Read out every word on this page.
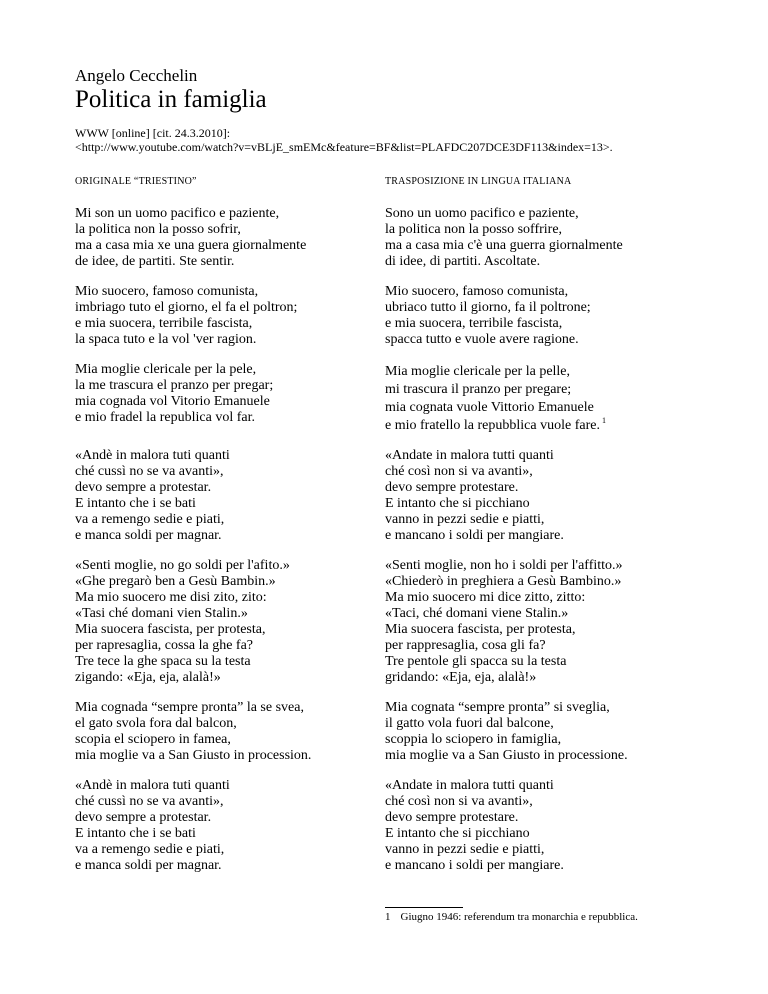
Angelo Cecchelin

Politica in famiglia

WWW [online] [cit. 24.3.2010]:

<http://www.youtube.com/watch?v=vBLjE_smEMc&feature=BF&list=PLAFDC207DCE3DF113&index=13>.

ORIGINALE “TRIESTINO”	TRASPOSIZIONE IN LINGUA ITALIANA
Mi son un uomo pacifico e paziente,
la politica non la posso sofrir,
ma a casa mia xe una guera giornalmente
de idee, de partiti. Ste sentir.
Sono un uomo pacifico e paziente,
la politica non la posso soffrire,
ma a casa mia c'è una guerra giornalmente
di idee, di partiti. Ascoltate.
Mio suocero, famoso comunista,
imbriago tuto el giorno, el fa el poltron;
e mia suocera, terribile fascista,
la spaca tuto e la vol 'ver ragion.
Mio suocero, famoso comunista,
ubriaco tutto il giorno, fa il poltrone;
e mia suocera, terribile fascista,
spacca tutto e vuole avere ragione.
Mia moglie clericale per la pele,
la me trascura el pranzo per pregar;
mia cognada vol Vitorio Emanuele
e mio fradel la republica vol far.
Mia moglie clericale per la pelle,
mi trascura il pranzo per pregare;
mia cognata vuole Vittorio Emanuele
e mio fratello la repubblica vuole fare. $^1$
«Andè in malora tuti quanti
ché cussì no se va avanti»,
devo sempre a protestar.
E intanto che i se bati
va a remengo sedie e piati,
e manca soldi per magnar.
«Andate in malora tutti quanti
ché così non si va avanti»,
devo sempre protestare.
E intanto che si picchiano
vanno in pezzi sedie e piatti,
e mancano i soldi per mangiare.
«Senti moglie, no go soldi per l'afito.»
«Ghe pregarò ben a Gesù Bambin.»
Ma mio suocero me disi zito, zito:
«Tasi ché domani vien Stalin.»
Mia suocera fascista, per protesta,
per rapresaglia, cossa la ghe fa?
Tre tece la ghe spaca su la testa
zigando: «Eja, eja, alalà!»
«Senti moglie, non ho i soldi per l'affitto.»
«Chiederò in preghiera a Gesù Bambino.»
Ma mio suocero mi dice zitto, zitto:
«Taci, ché domani viene Stalin.»
Mia suocera fascista, per protesta,
per rappresaglia, cosa gli fa?
Tre pentole gli spacca su la testa
gridando: «Eja, eja, alalà!»
Mia cognada “sempre pronta” la se svea,
el gato svola fora dal balcon,
scopia el sciopero in famea,
mia moglie va a San Giusto in procession.
Mia cognata “sempre pronta” si sveglia,
il gatto vola fuori dal balcone,
scoppia lo sciopero in famiglia,
mia moglie va a San Giusto in processione.
«Andè in malora tuti quanti
ché cussì no se va avanti»,
devo sempre a protestar.
E intanto che i se bati
va a remengo sedie e piati,
e manca soldi per magnar.
«Andate in malora tutti quanti
ché così non si va avanti»,
devo sempre protestare.
E intanto che si picchiano
vanno in pezzi sedie e piatti,
e mancano i soldi per mangiare.
1 Giugno 1946: referendum tra monarchia e repubblica.
